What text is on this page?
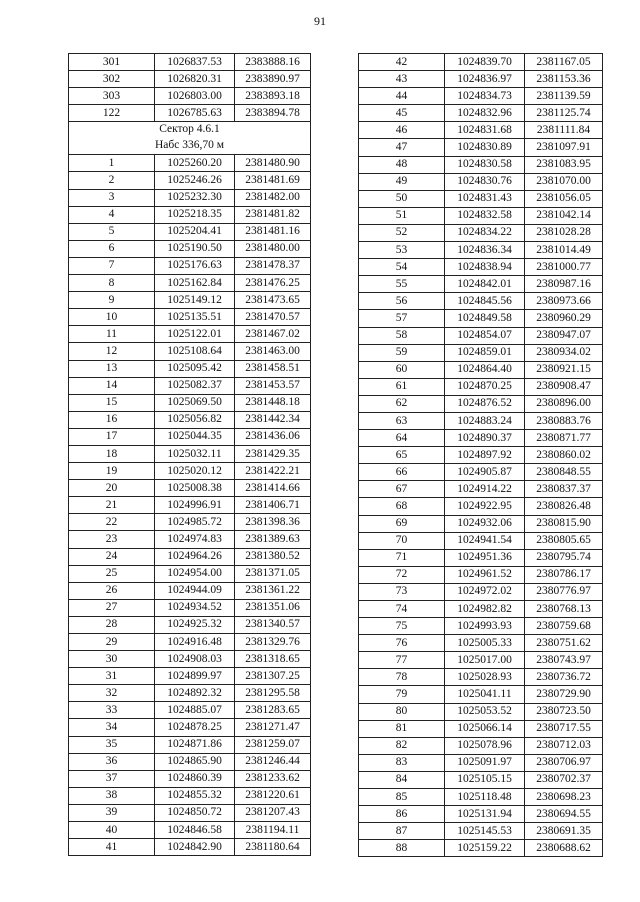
91
301	1026837.53	2383888.16
302	1026820.31	2383890.97
303	1026803.00	2383893.18
122	1026785.63	2383894.78

Сектор 4.6.1
Набс 336,70 м		

1	1025260.20	2381480.90
2	1025246.26	2381481.69
3	1025232.30	2381482.00
4	1025218.35	2381481.82
5	1025204.41	2381481.16
6	1025190.50	2381480.00
7	1025176.63	2381478.37
8	1025162.84	2381476.25
9	1025149.12	2381473.65
10	1025135.51	2381470.57
11	1025122.01	2381467.02
12	1025108.64	2381463.00
13	1025095.42	2381458.51
14	1025082.37	2381453.57
15	1025069.50	2381448.18
16	1025056.82	2381442.34
17	1025044.35	2381436.06
18	1025032.11	2381429.35
19	1025020.12	2381422.21
20	1025008.38	2381414.66
21	1024996.91	2381406.71
22	1024985.72	2381398.36
23	1024974.83	2381389.63
24	1024964.26	2381380.52
25	1024954.00	2381371.05
26	1024944.09	2381361.22
27	1024934.52	2381351.06
28	1024925.32	2381340.57
29	1024916.48	2381329.76
30	1024908.03	2381318.65
31	1024899.97	2381307.25
32	1024892.32	2381295.58
33	1024885.07	2381283.65
34	1024878.25	2381271.47
35	1024871.86	2381259.07
36	1024865.90	2381246.44
37	1024860.39	2381233.62
38	1024855.32	2381220.61
39	1024850.72	2381207.43
40	1024846.58	2381194.11
41	1024842.90	2381180.64
42	1024839.70	2381167.05
43	1024836.97	2381153.36
44	1024834.73	2381139.59
45	1024832.96	2381125.74
46	1024831.68	2381111.84
47	1024830.89	2381097.91
48	1024830.58	2381083.95
49	1024830.76	2381070.00
50	1024831.43	2381056.05
51	1024832.58	2381042.14
52	1024834.22	2381028.28
53	1024836.34	2381014.49
54	1024838.94	2381000.77
55	1024842.01	2380987.16
56	1024845.56	2380973.66
57	1024849.58	2380960.29
58	1024854.07	2380947.07
59	1024859.01	2380934.02
60	1024864.40	2380921.15
61	1024870.25	2380908.47
62	1024876.52	2380896.00
63	1024883.24	2380883.76
64	1024890.37	2380871.77
65	1024897.92	2380860.02
66	1024905.87	2380848.55
67	1024914.22	2380837.37
68	1024922.95	2380826.48
69	1024932.06	2380815.90
70	1024941.54	2380805.65
71	1024951.36	2380795.74
72	1024961.52	2380786.17
73	1024972.02	2380776.97
74	1024982.82	2380768.13
75	1024993.93	2380759.68
76	1025005.33	2380751.62
77	1025017.00	2380743.97
78	1025028.93	2380736.72
79	1025041.11	2380729.90
80	1025053.52	2380723.50
81	1025066.14	2380717.55
82	1025078.96	2380712.03
83	1025091.97	2380706.97
84	1025105.15	2380702.37
85	1025118.48	2380698.23
86	1025131.94	2380694.55
87	1025145.53	2380691.35
88	1025159.22	2380688.62
